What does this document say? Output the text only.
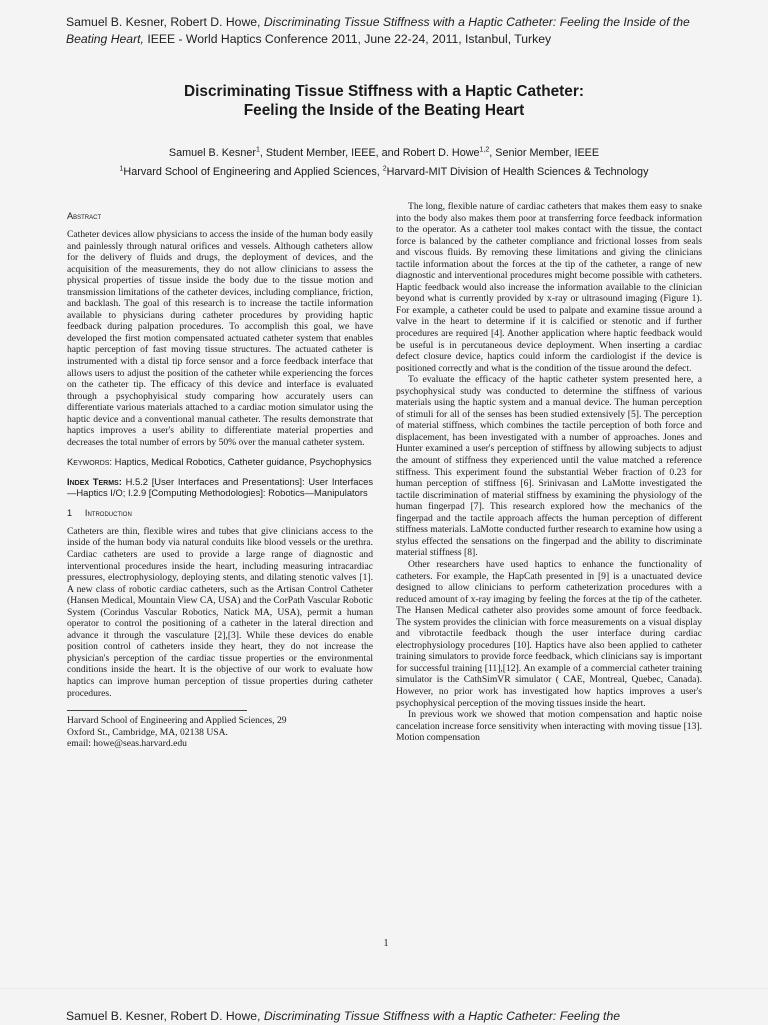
Samuel B. Kesner, Robert D. Howe, Discriminating Tissue Stiffness with a Haptic Catheter: Feeling the Inside of the Beating Heart, IEEE - World Haptics Conference 2011, June 22-24, 2011, Istanbul, Turkey
Discriminating Tissue Stiffness with a Haptic Catheter:
Feeling the Inside of the Beating Heart
Samuel B. Kesner$^1$, Student Member, IEEE, and Robert D. Howe$^{1,2}$, Senior Member, IEEE
$^1$Harvard School of Engineering and Applied Sciences, $^2$Harvard-MIT Division of Health Sciences & Technology
Abstract

Catheter devices allow physicians to access the inside of the human body easily and painlessly through natural orifices and vessels. Although catheters allow for the delivery of fluids and drugs, the deployment of devices, and the acquisition of the measurements, they do not allow clinicians to assess the physical properties of tissue inside the body due to the tissue motion and transmission limitations of the catheter devices, including compliance, friction, and backlash. The goal of this research is to increase the tactile information available to physicians during catheter procedures by providing haptic feedback during palpation procedures. To accomplish this goal, we have developed the first motion compensated actuated catheter system that enables haptic perception of fast moving tissue structures. The actuated catheter is instrumented with a distal tip force sensor and a force feedback interface that allows users to adjust the position of the catheter while experiencing the forces on the catheter tip. The efficacy of this device and interface is evaluated through a psychophyisical study comparing how accurately users can differentiate various materials attached to a cardiac motion simulator using the haptic device and a conventional manual catheter. The results demonstrate that haptics improves a user's ability to differentiate material properties and decreases the total number of errors by 50% over the manual catheter system.

Keywords: Haptics, Medical Robotics, Catheter guidance, Psychophysics

Index Terms: H.5.2 [User Interfaces and Presentations]: User Interfaces—Haptics I/O; I.2.9 [Computing Methodologies]: Robotics—Manipulators

1 Introduction

Catheters are thin, flexible wires and tubes that give clinicians access to the inside of the human body via natural conduits like blood vessels or the urethra. Cardiac catheters are used to provide a large range of diagnostic and interventional procedures inside the heart, including measuring intracardiac pressures, electrophysiology, deploying stents, and dilating stenotic valves [1]. A new class of robotic cardiac catheters, such as the Artisan Control Catheter (Hansen Medical, Mountain View CA, USA) and the CorPath Vascular Robotic System (Corindus Vascular Robotics, Natick MA, USA), permit a human operator to control the positioning of a catheter in the lateral direction and advance it through the vasculature [2],[3]. While these devices do enable position control of catheters inside they heart, they do not increase the physician's perception of the cardiac tissue properties or the environmental conditions inside the heart. It is the objective of our work to evaluate how haptics can improve human perception of tissue properties during catheter procedures.

Harvard School of Engineering and Applied Sciences, 29
Oxford St., Cambridge, MA, 02138 USA.
email: howe@seas.harvard.edu

The long, flexible nature of cardiac catheters that makes them easy to snake into the body also makes them poor at transferring force feedback information to the operator. As a catheter tool makes contact with the tissue, the contact force is balanced by the catheter compliance and frictional losses from seals and viscous fluids. By removing these limitations and giving the clinicians tactile information about the forces at the tip of the catheter, a range of new diagnostic and interventional procedures might become possible with catheters. Haptic feedback would also increase the information available to the clinician beyond what is currently provided by x-ray or ultrasound imaging (Figure 1). For example, a catheter could be used to palpate and examine tissue around a valve in the heart to determine if it is calcified or stenotic and if further procedures are required [4]. Another application where haptic feedback would be useful is in percutaneous device deployment. When inserting a cardiac defect closure device, haptics could inform the cardiologist if the device is positioned correctly and what is the condition of the tissue around the defect.

To evaluate the efficacy of the haptic catheter system presented here, a psychophysical study was conducted to determine the stiffness of various materials using the haptic system and a manual device. The human perception of stimuli for all of the senses has been studied extensively [5]. The perception of material stiffness, which combines the tactile perception of both force and displacement, has been investigated with a number of approaches. Jones and Hunter examined a user's perception of stiffness by allowing subjects to adjust the amount of stiffness they experienced until the value matched a reference stiffness. This experiment found the substantial Weber fraction of 0.23 for human perception of stiffness [6]. Srinivasan and LaMotte investigated the tactile discrimination of material stiffness by examining the physiology of the human fingerpad [7]. This research explored how the mechanics of the fingerpad and the tactile approach affects the human perception of different stiffness materials. LaMotte conducted further research to examine how using a stylus effected the sensations on the fingerpad and the ability to discriminate material stiffness [8].

Other researchers have used haptics to enhance the functionality of catheters. For example, the HapCath presented in [9] is a unactuated device designed to allow clinicians to perform catheterization procedures with a reduced amount of x-ray imaging by feeling the forces at the tip of the catheter. The Hansen Medical catheter also provides some amount of force feedback. The system provides the clinician with force measurements on a visual display and vibrotactile feedback though the user interface during cardiac electrophysiology procedures [10]. Haptics have also been applied to catheter training simulators to provide force feedback, which clinicians say is important for successful training [11],[12]. An example of a commercial catheter training simulator is the CathSimVR simulator ( CAE, Montreal, Quebec, Canada). However, no prior work has investigated how haptics improves a user's psychophysical perception of the moving tissues inside the heart.

In previous work we showed that motion compensation and haptic noise cancelation increase force sensitivity when interacting with moving tissue [13]. Motion compensation

1
Samuel B. Kesner, Robert D. Howe, Discriminating Tissue Stiffness with a Haptic Catheter: Feeling the
